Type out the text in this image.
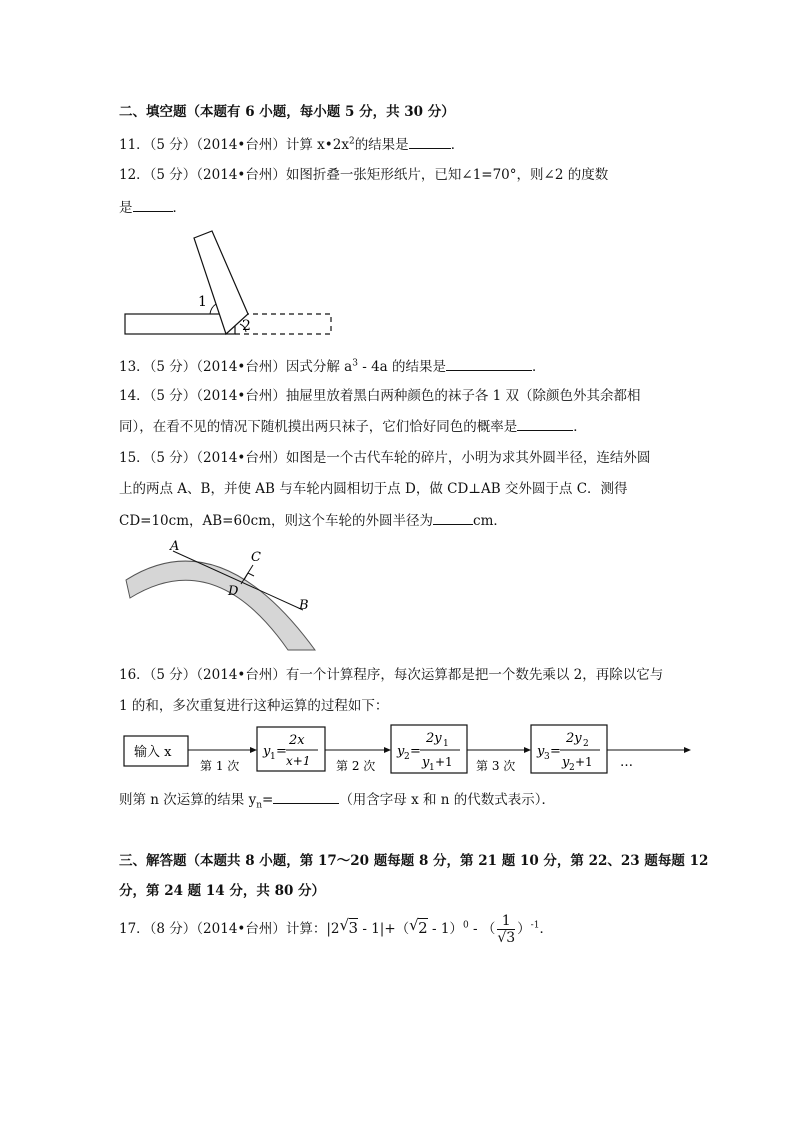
二、填空题（本题有 6 小题，每小题 5 分，共 30 分）
11．（5 分）（2014•台州）计算 $x•2x^2$的结果是	．
12．（5 分）（2014•台州）如图折叠一张矩形纸片，已知∠1=70°，则∠2 的度数
是	．
1
2
13．（5 分）（2014•台州）因式分解 $a^3 - 4a$ 的结果是	．
14．（5 分）（2014•台州）抽屉里放着黑白两种颜色的袜子各 1 双（除颜色外其余都相
同），在看不见的情况下随机摸出两只袜子，它们恰好同色的概率是	．
15．（5 分）（2014•台州）如图是一个古代车轮的碎片，小明为求其外圆半径，连结外圆
上的两点 A、B，并使 AB 与车轮内圆相切于点 D，做 CD⊥AB 交外圆于点 C．测得
CD=10cm，AB=60cm，则这个车轮的外圆半径为	cm．
A
C
D
B
16．（5 分）（2014•台州）有一个计算程序，每次运算都是把一个数先乘以 2，再除以它与
1 的和，多次重复进行这种运算的过程如下：
输入 x
第 1 次
y 1 =
2x
x+1 第 2 次
y 2 =
2y 1
y 1 +1 第 3 次
y 3 =
2y 2
y 2 +1 …
则第 n 次运算的结果 $y_n=$	（用含字母 x 和 n 的代数式表示）．
三、解答题（本题共 8 小题，第 17～20 题每题 8 分，第 21 题 10 分，第 22、23 题每题 12
分，第 24 题 14 分，共 80 分）
17．（8 分）（2014•台州）计算：|2 √ 3 - 1|+（ √ 2 - 1）$^0$ - （ $\frac{1}{√3} )^{-1}$．
